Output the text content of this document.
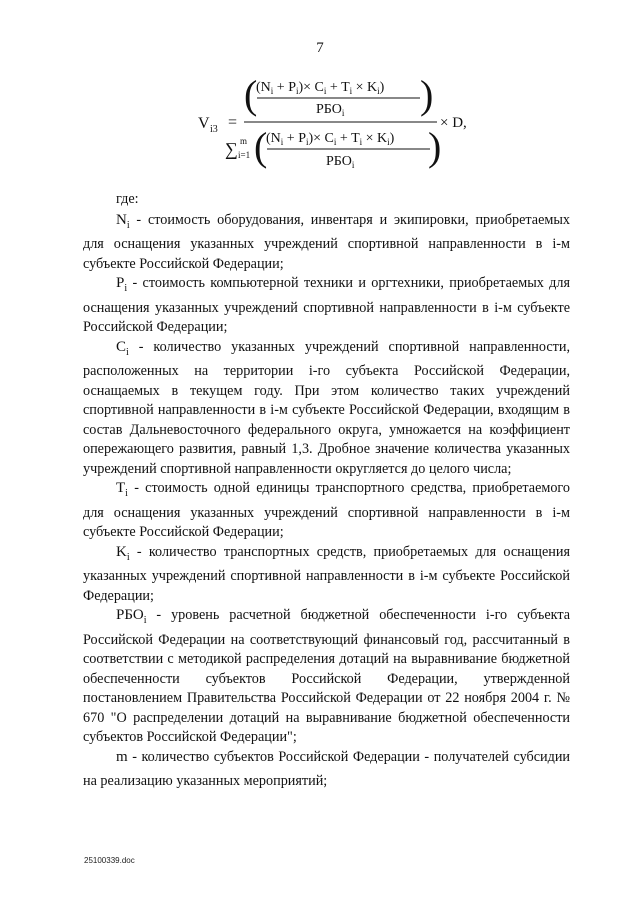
7
V i3 =
(
$(N_i + P_i)\times C_i + T_i \times K_i$)
$РБО_i$ )
∑ m
i=1 (
$(N_i + P_i)\times C_i + T_i \times K_i$)
$РБО_i$ )
× D,

где:

$N_i$ - стоимость оборудования, инвентаря и экипировки, приобретаемых для оснащения указанных учреждений спортивной направленности в i-м субъекте Российской Федерации;

$P_i$ - стоимость компьютерной техники и оргтехники, приобретаемых для оснащения указанных учреждений спортивной направленности в i-м субъекте Российской Федерации;

$C_i$ - количество указанных учреждений спортивной направленности, расположенных на территории i-го субъекта Российской Федерации, оснащаемых в текущем году. При этом количество таких учреждений спортивной направленности в i-м субъекте Российской Федерации, входящим в состав Дальневосточного федерального округа, умножается на коэффициент опережающего развития, равный 1,3. Дробное значение количества указанных учреждений спортивной направленности округляется до целого числа;

$T_i$ - стоимость одной единицы транспортного средства, приобретаемого для оснащения указанных учреждений спортивной направленности в i-м субъекте Российской Федерации;

$K_i$ - количество транспортных средств, приобретаемых для оснащения указанных учреждений спортивной направленности в i-м субъекте Российской Федерации;

$РБО_i$ - уровень расчетной бюджетной обеспеченности i-го субъекта Российской Федерации на соответствующий финансовый год, рассчитанный в соответствии с методикой распределения дотаций на выравнивание бюджетной обеспеченности субъектов Российской Федерации, утвержденной постановлением Правительства Российской Федерации от 22 ноября 2004 г. № 670 "О распределении дотаций на выравнивание бюджетной обеспеченности субъектов Российской Федерации";

m - количество субъектов Российской Федерации - получателей субсидии на реализацию указанных мероприятий;

25100339.doc
